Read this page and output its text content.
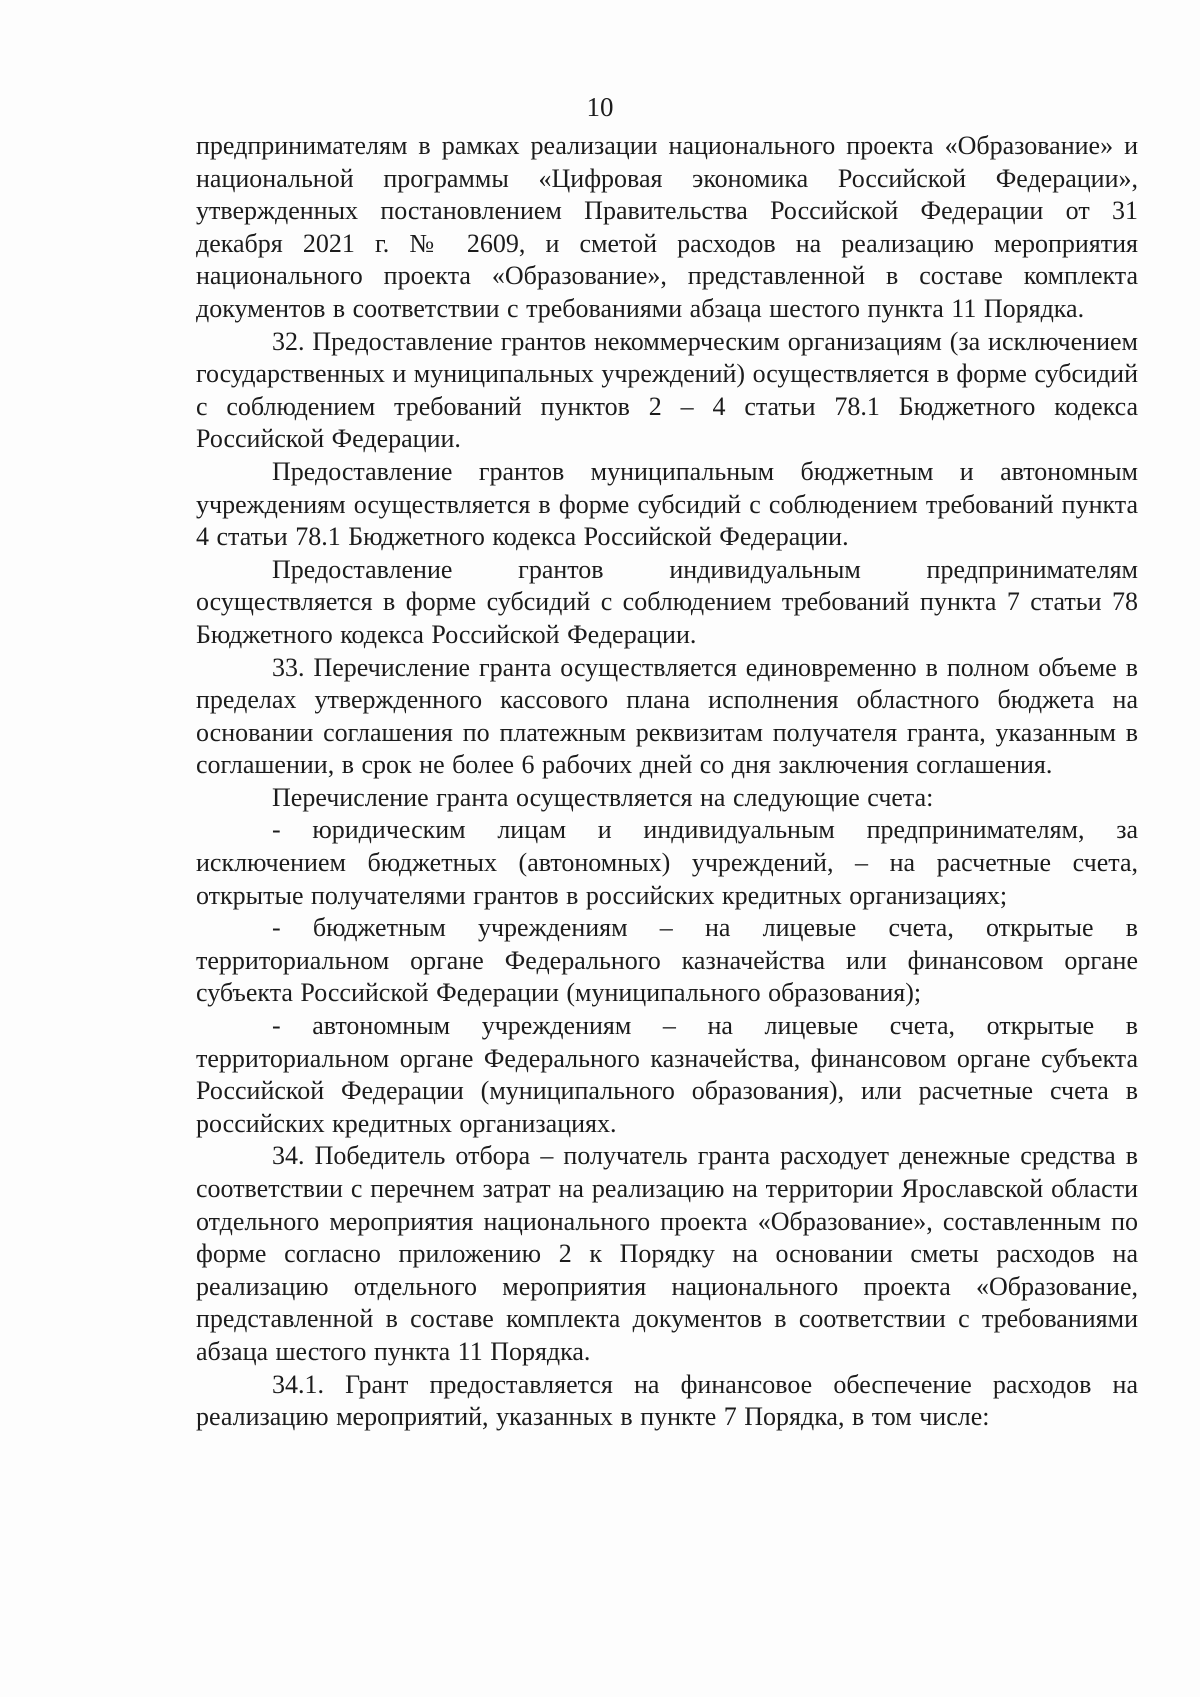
10

предпринимателям в рамках реализации национального проекта «Образование» и национальной программы «Цифровая экономика Российской Федерации», утвержденных постановлением Правительства Российской Федерации от 31 декабря 2021 г. № 2609, и сметой расходов на реализацию мероприятия национального проекта «Образование», представленной в составе комплекта документов в соответствии с требованиями абзаца шестого пункта 11 Порядка.

32. Предоставление грантов некоммерческим организациям (за исключением государственных и муниципальных учреждений) осуществляется в форме субсидий с соблюдением требований пунктов 2 – 4 статьи 78.1 Бюджетного кодекса Российской Федерации.

Предоставление грантов муниципальным бюджетным и автономным учреждениям осуществляется в форме субсидий с соблюдением требований пункта 4 статьи 78.1 Бюджетного кодекса Российской Федерации.

Предоставление грантов индивидуальным предпринимателям осуществляется в форме субсидий с соблюдением требований пункта 7 статьи 78 Бюджетного кодекса Российской Федерации.

33. Перечисление гранта осуществляется единовременно в полном объеме в пределах утвержденного кассового плана исполнения областного бюджета на основании соглашения по платежным реквизитам получателя гранта, указанным в соглашении, в срок не более 6 рабочих дней со дня заключения соглашения.

Перечисление гранта осуществляется на следующие счета:

- юридическим лицам и индивидуальным предпринимателям, за исключением бюджетных (автономных) учреждений, – на расчетные счета, открытые получателями грантов в российских кредитных организациях;

- бюджетным учреждениям – на лицевые счета, открытые в территориальном органе Федерального казначейства или финансовом органе субъекта Российской Федерации (муниципального образования);

- автономным учреждениям – на лицевые счета, открытые в территориальном органе Федерального казначейства, финансовом органе субъекта Российской Федерации (муниципального образования), или расчетные счета в российских кредитных организациях.

34. Победитель отбора – получатель гранта расходует денежные средства в соответствии с перечнем затрат на реализацию на территории Ярославской области отдельного мероприятия национального проекта «Образование», составленным по форме согласно приложению 2 к Порядку на основании сметы расходов на реализацию отдельного мероприятия национального проекта «Образование, представленной в составе комплекта документов в соответствии с требованиями абзаца шестого пункта 11 Порядка.

34.1. Грант предоставляется на финансовое обеспечение расходов на реализацию мероприятий, указанных в пункте 7 Порядка, в том числе:
